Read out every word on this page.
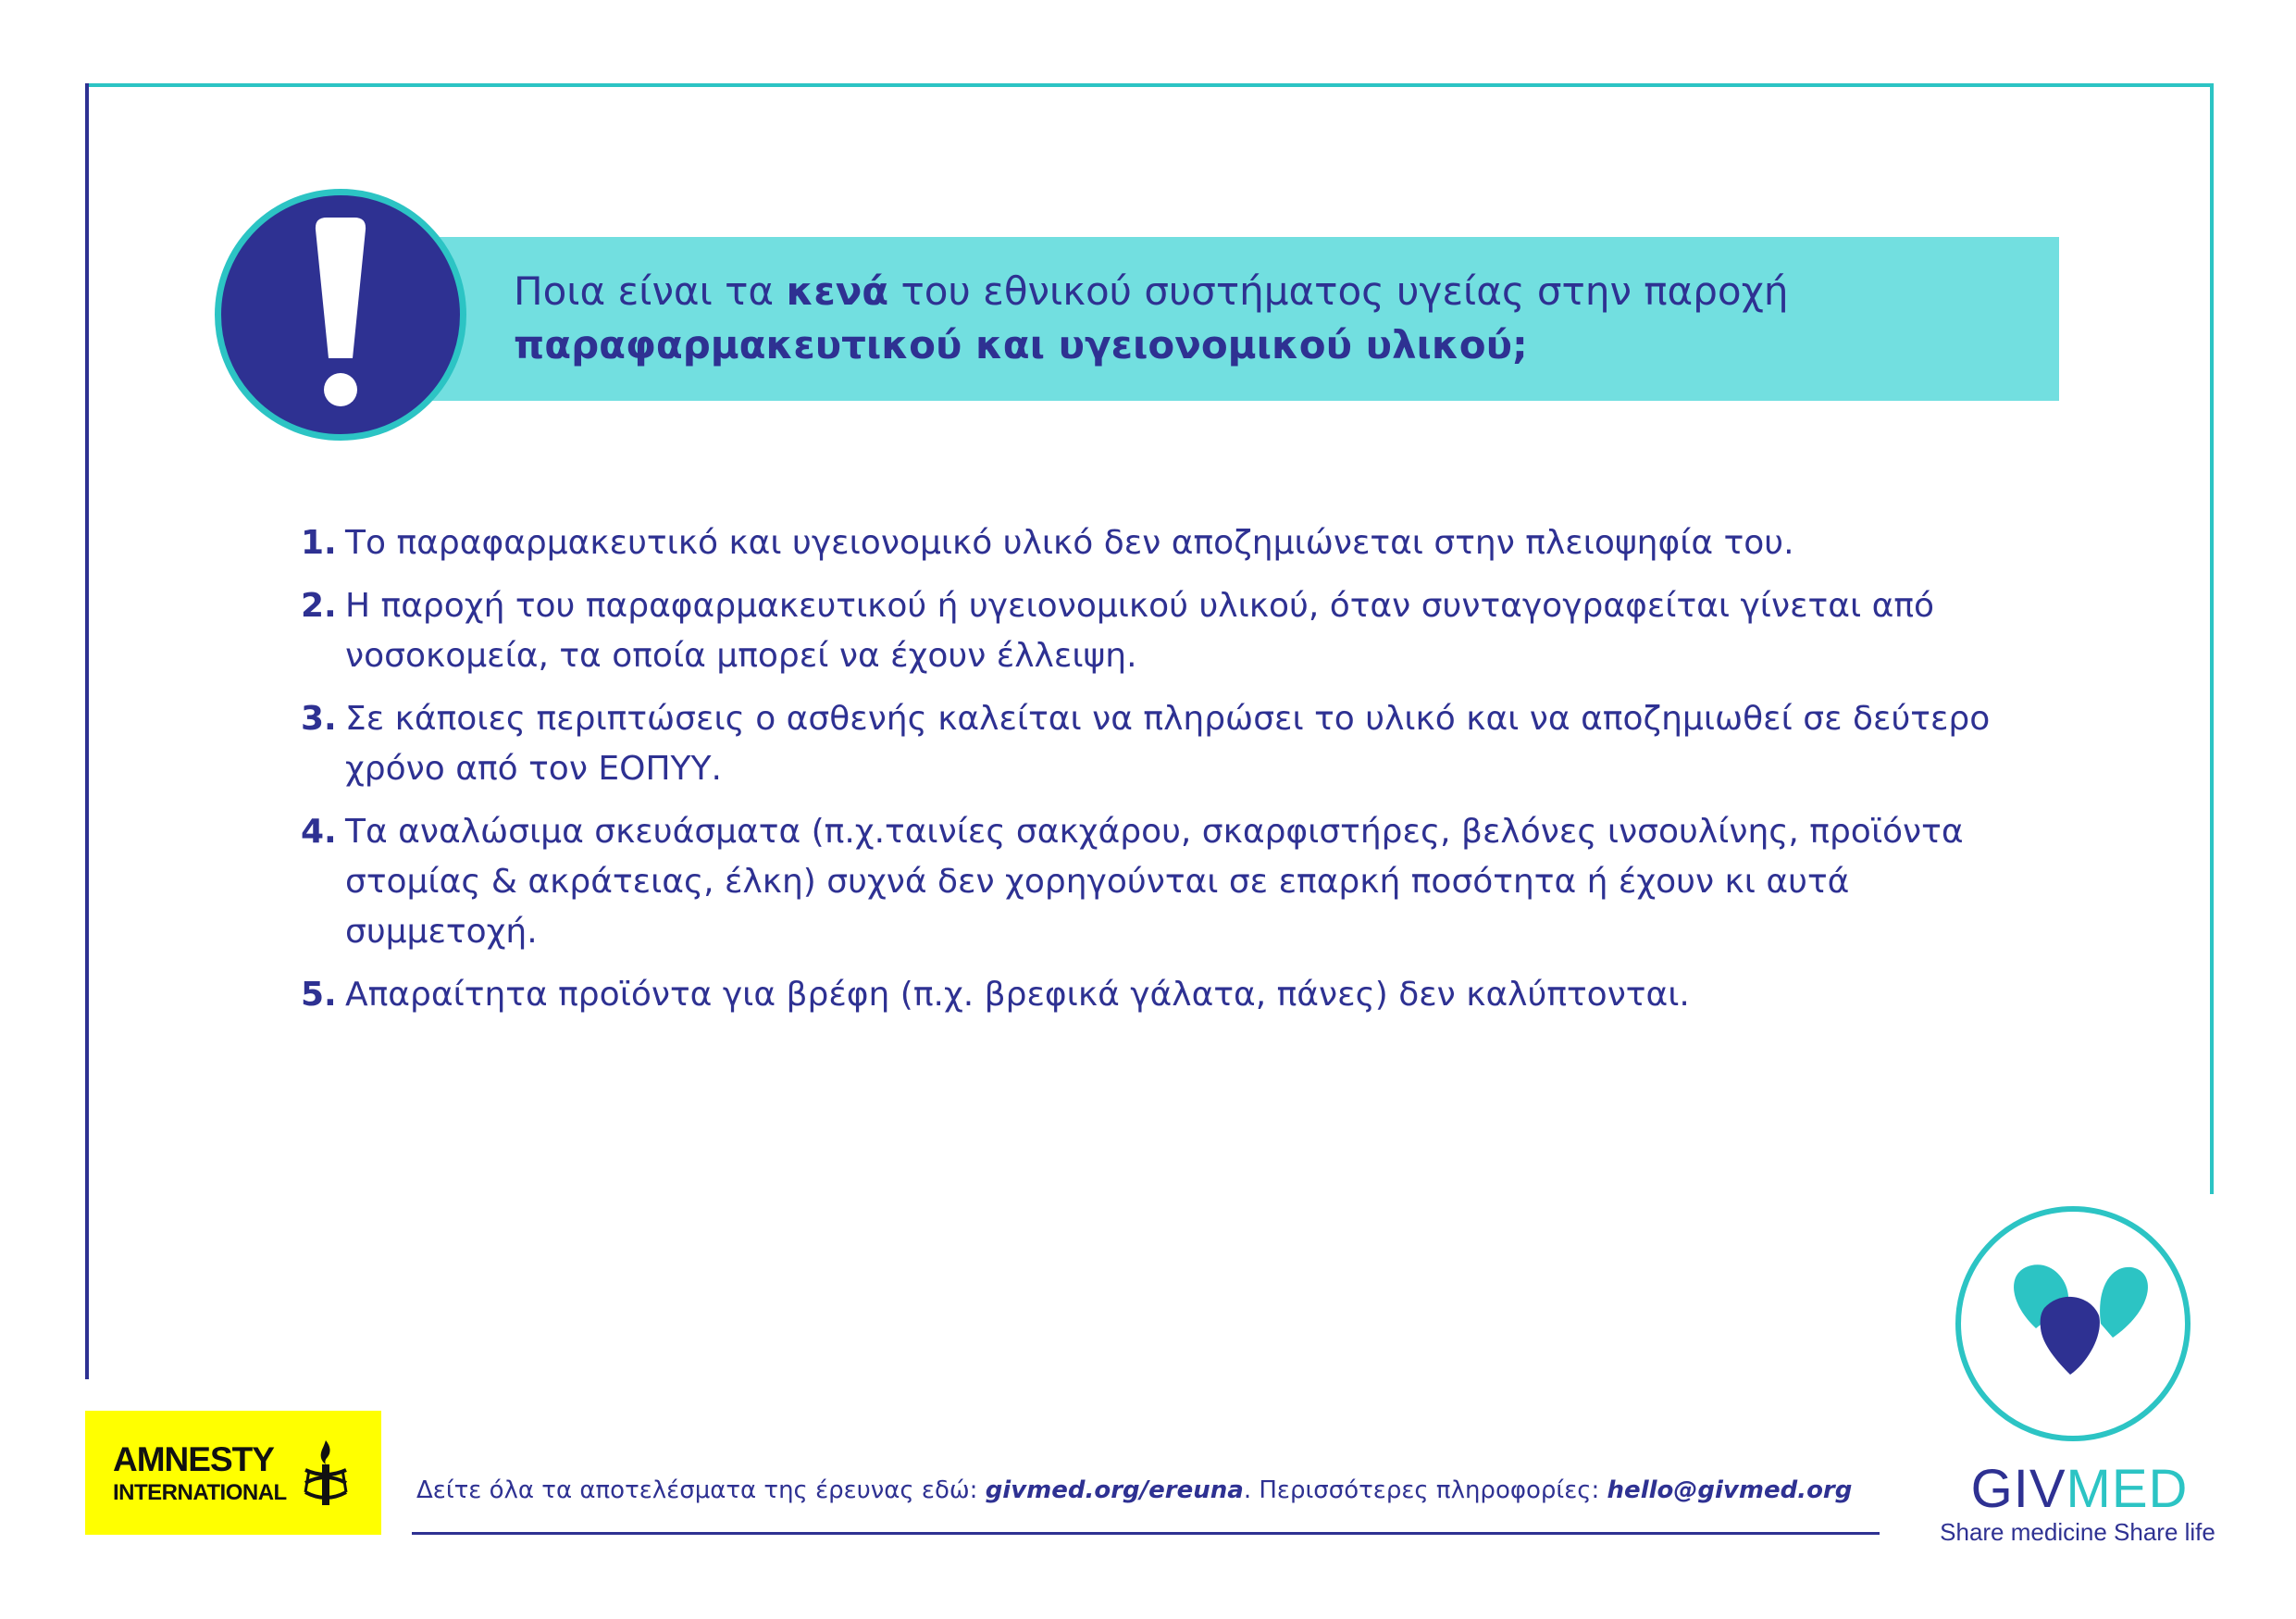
Ποια είναι τα κενά του εθνικού συστήματος υγείας στην παροχή
παραφαρμακευτικού και υγειονομικού υλικού;

1. Το παραφαρμακευτικό και υγειονομικό υλικό δεν αποζημιώνεται στην πλειοψηφία του.
2. Η παροχή του παραφαρμακευτικού ή υγειονομικού υλικού, όταν συνταγογραφείται γίνεται από νοσοκομεία, τα οποία μπορεί να έχουν έλλειψη.
3. Σε κάποιες περιπτώσεις ο ασθενής καλείται να πληρώσει το υλικό και να αποζημιωθεί σε δεύτερο χρόνο από τον ΕΟΠΥΥ.
4. Τα αναλώσιμα σκευάσματα (π.χ.ταινίες σακχάρου, σκαρφιστήρες, βελόνες ινσουλίνης, προϊόντα στομίας & ακράτειας, έλκη) συχνά δεν χορηγούνται σε επαρκή ποσότητα ή έχουν κι αυτά συμμετοχή.
5. Απαραίτητα προϊόντα για βρέφη (π.χ. βρεφικά γάλατα, πάνες) δεν καλύπτονται.
AMNESTY
INTERNATIONAL	Δείτε όλα τα αποτελέσματα της έρευνας εδώ: givmed.org/ereuna. Περισσότερες πληροφορίες: hello@givmed.org	GIVMED
Share medicine Share life
